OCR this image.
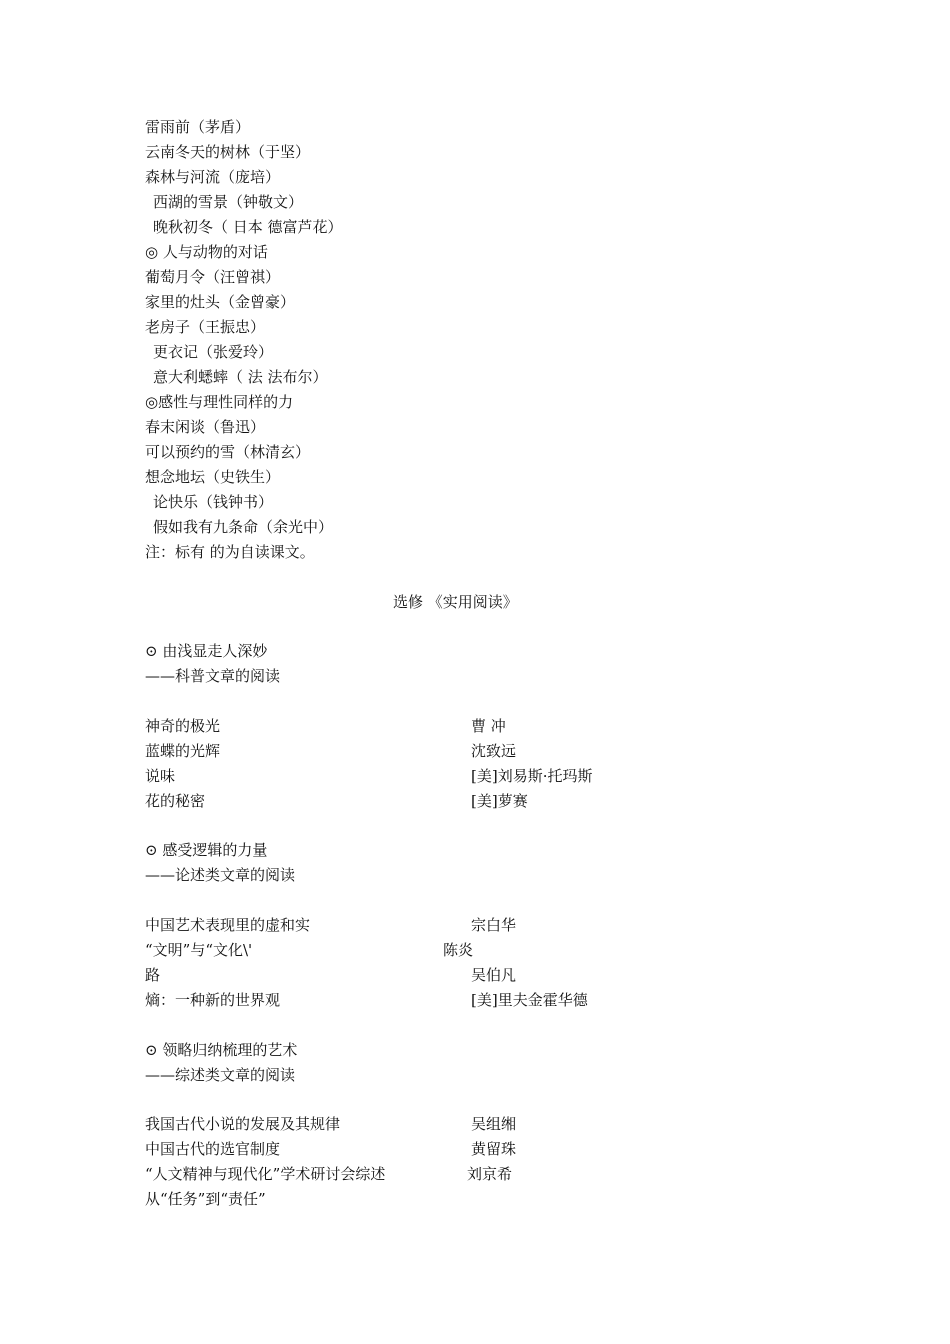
雷雨前（茅盾）
云南冬天的树林（于坚）
森林与河流（庞培）
西湖的雪景（钟敬文）
晚秋初冬（ 日本 德富芦花）
◎ 人与动物的对话
葡萄月令（汪曾祺）
家里的灶头（金曾豪）
老房子（王振忠）
更衣记（张爱玲）
意大利蟋蟀（ 法 法布尔）
◎感性与理性同样的力
春末闲谈（鲁迅）
可以预约的雪（林清玄）
想念地坛（史铁生）
论快乐（钱钟书）
假如我有九条命（余光中）
注：标有 的为自读课文。
选修 《实用阅读》
⊙ 由浅显走人深妙
——科普文章的阅读
神奇的极光	曹 冲
蓝蝶的光辉	沈致远
说味	[美]刘易斯·托玛斯
花的秘密	[美]萝赛
⊙ 感受逻辑的力量
——论述类文章的阅读
中国艺术表现里的虚和实	宗白华
“文明”与“文化\'	陈炎
路	吴伯凡
熵：一种新的世界观	[美]里夫金霍华德
⊙ 领略归纳梳理的艺术
——综述类文章的阅读
我国古代小说的发展及其规律	吴组缃
中国古代的选官制度	黄留珠
“人文精神与现代化”学术研讨会综述	刘京希
从“任务”到“责任”
